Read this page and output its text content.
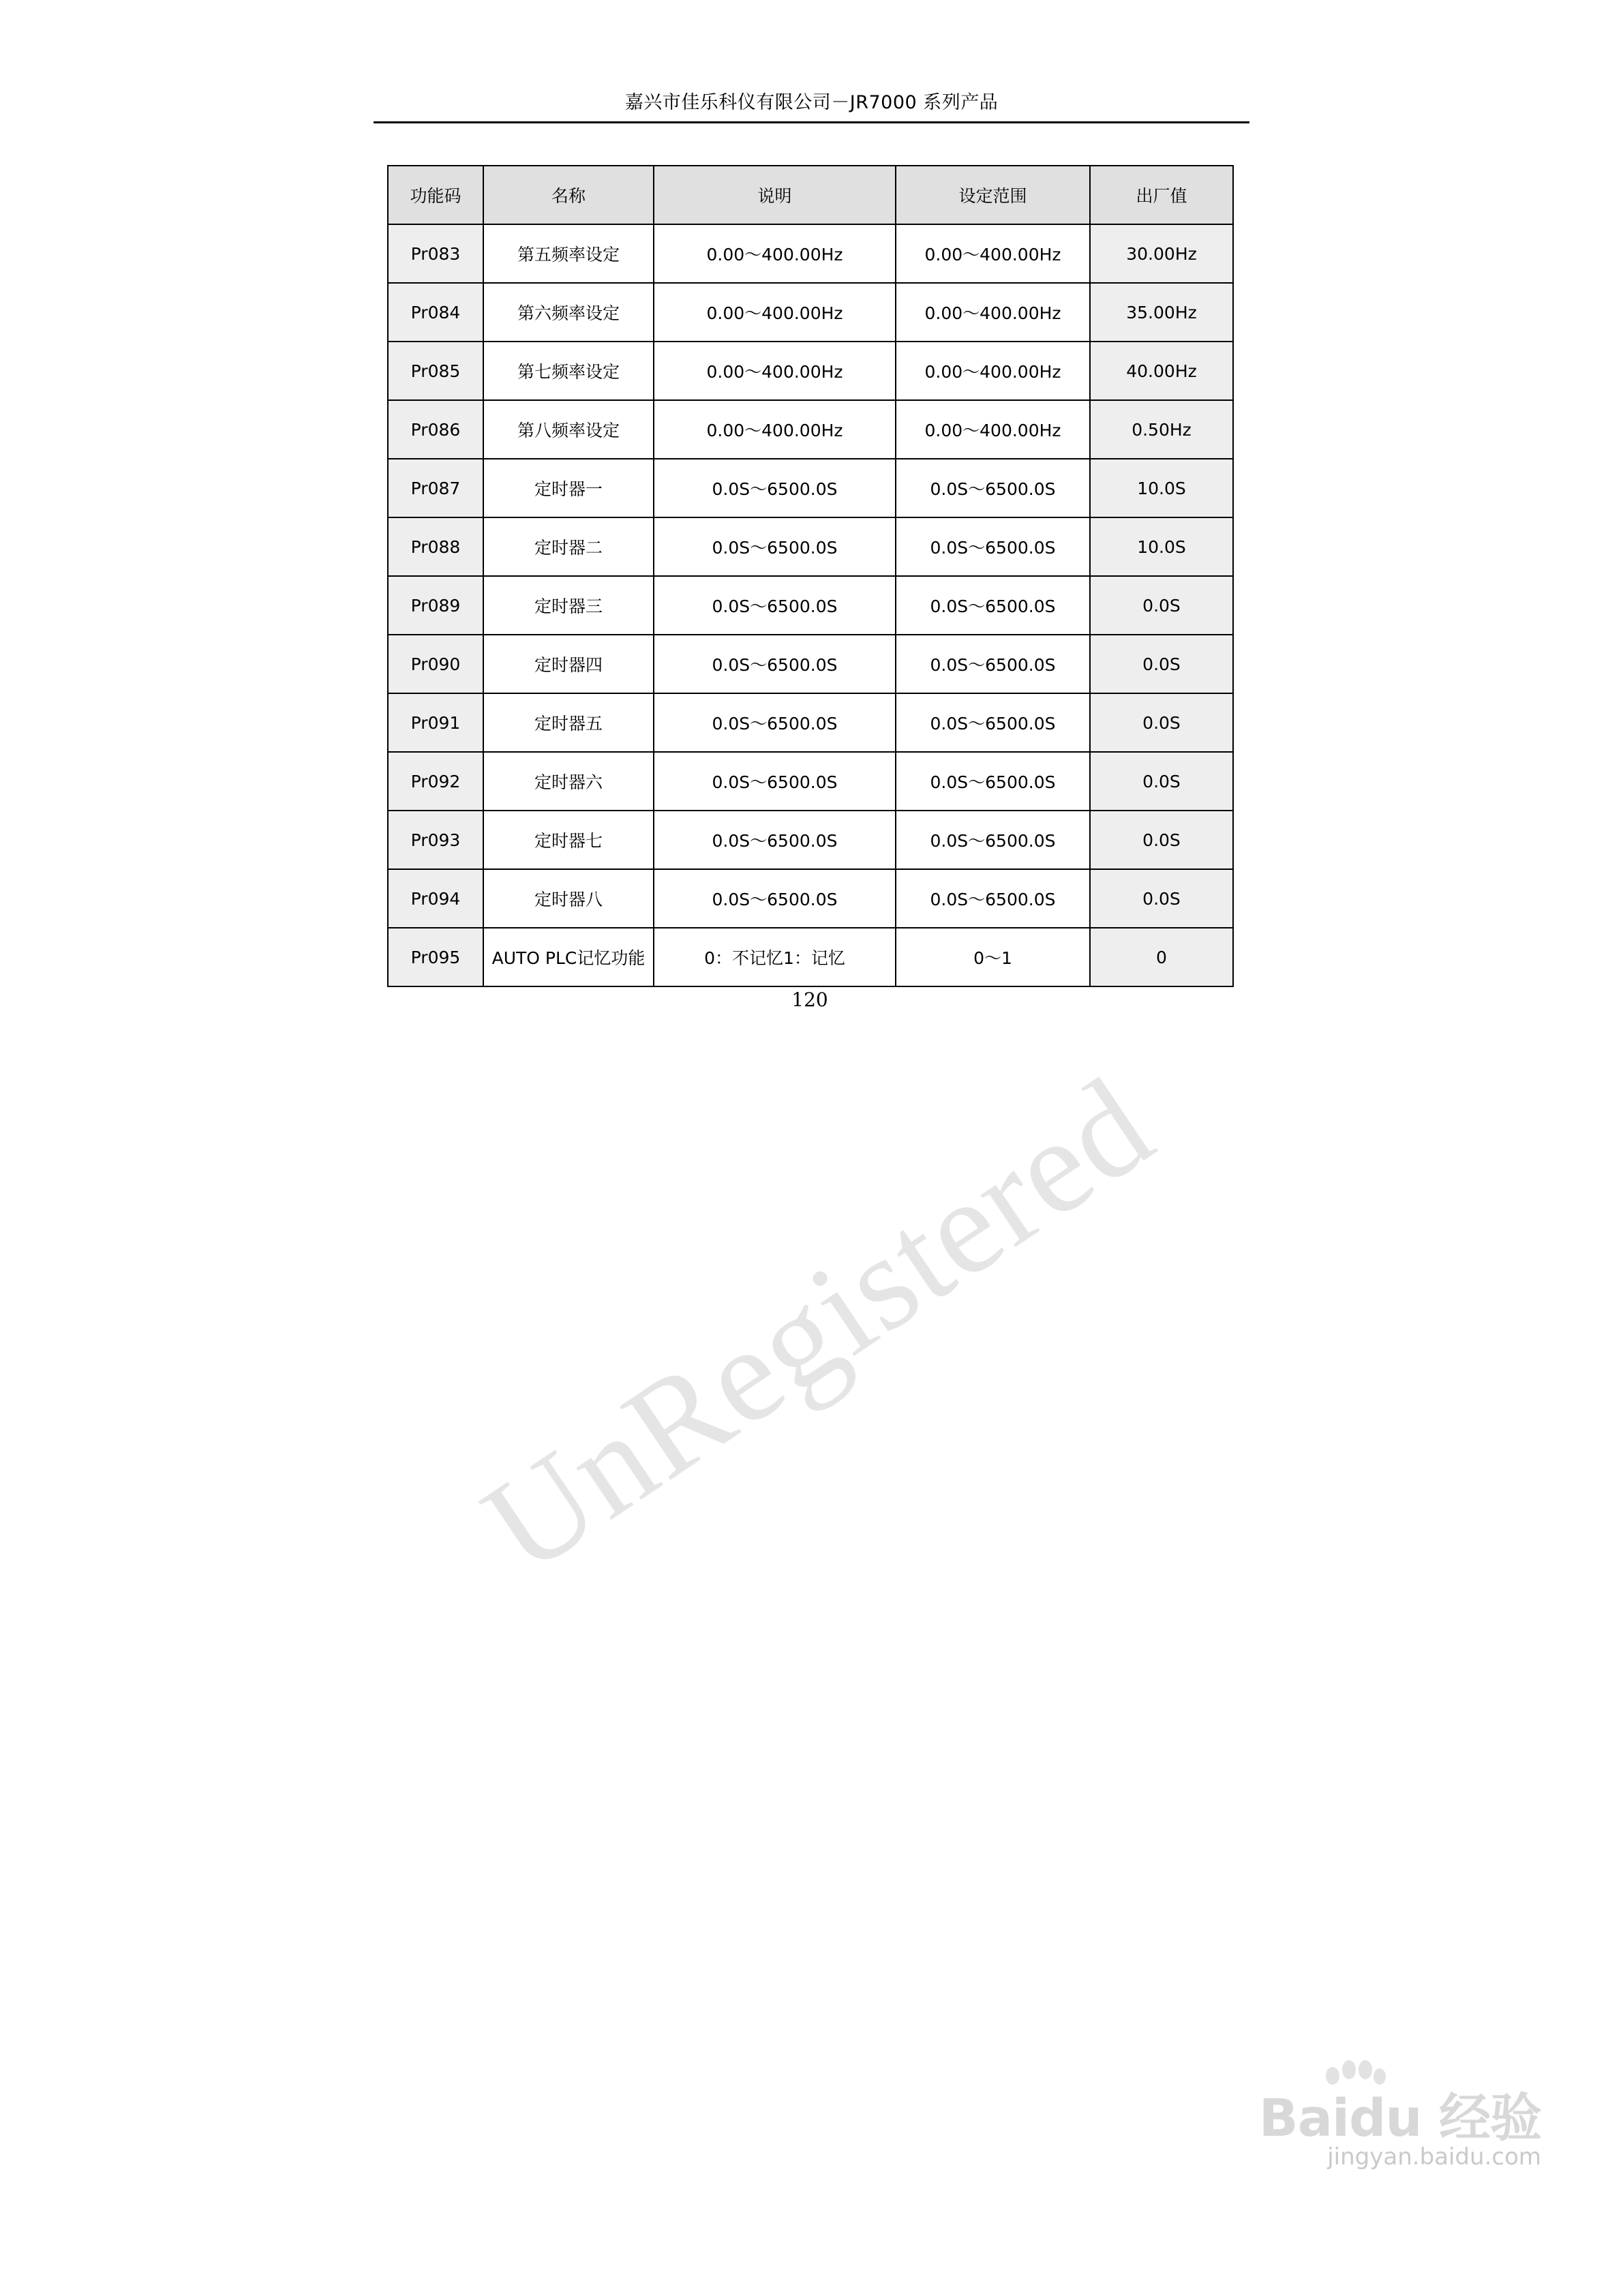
嘉兴市佳乐科仪有限公司－JR7000 系列产品
功能码	名称	说明	设定范围	出厂值
Pr083	第五频率设定	0.00～400.00Hz	0.00～400.00Hz	30.00Hz
Pr084	第六频率设定	0.00～400.00Hz	0.00～400.00Hz	35.00Hz
Pr085	第七频率设定	0.00～400.00Hz	0.00～400.00Hz	40.00Hz
Pr086	第八频率设定	0.00～400.00Hz	0.00～400.00Hz	0.50Hz
Pr087	定时器一	0.0S～6500.0S	0.0S～6500.0S	10.0S
Pr088	定时器二	0.0S～6500.0S	0.0S～6500.0S	10.0S
Pr089	定时器三	0.0S～6500.0S	0.0S～6500.0S	0.0S
Pr090	定时器四	0.0S～6500.0S	0.0S～6500.0S	0.0S
Pr091	定时器五	0.0S～6500.0S	0.0S～6500.0S	0.0S
Pr092	定时器六	0.0S～6500.0S	0.0S～6500.0S	0.0S
Pr093	定时器七	0.0S～6500.0S	0.0S～6500.0S	0.0S
Pr094	定时器八	0.0S～6500.0S	0.0S～6500.0S	0.0S
Pr095	AUTO PLC记忆功能	0：不记忆1：记忆	0～1	0
120
UnRegistered
Baidu 经验
jingyan.baidu.com
